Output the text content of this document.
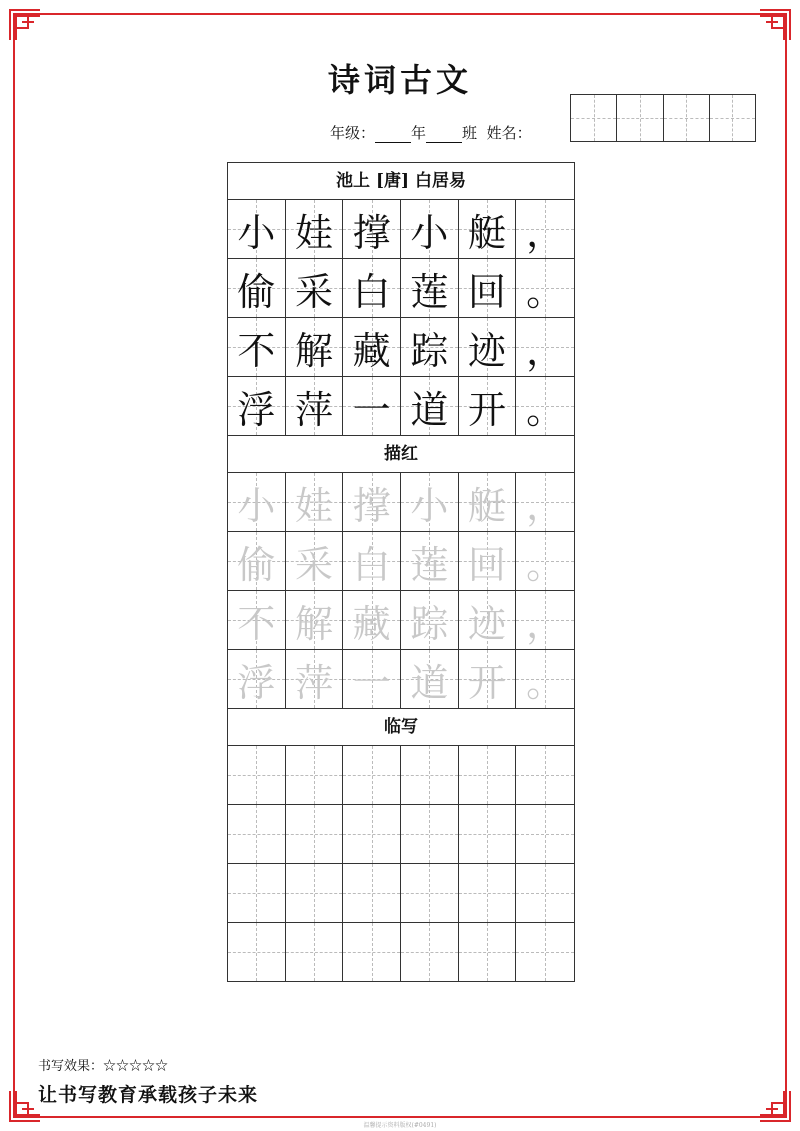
诗词古文
年级： 年 班 姓名：
池上 [唐] 白居易
小 娃 撑 小 艇 ，
偷 采 白 莲 回 。
不 解 藏 踪 迹 ，
浮 萍 一 道 开 。
描红
小 娃 撑 小 艇 ，
偷 采 白 莲 回 。
不 解 藏 踪 迹 ，
浮 萍 一 道 开 。
临写
书写效果：☆☆☆☆☆
让书写教育承载孩子未来
温馨提示资料版权(#0491)
